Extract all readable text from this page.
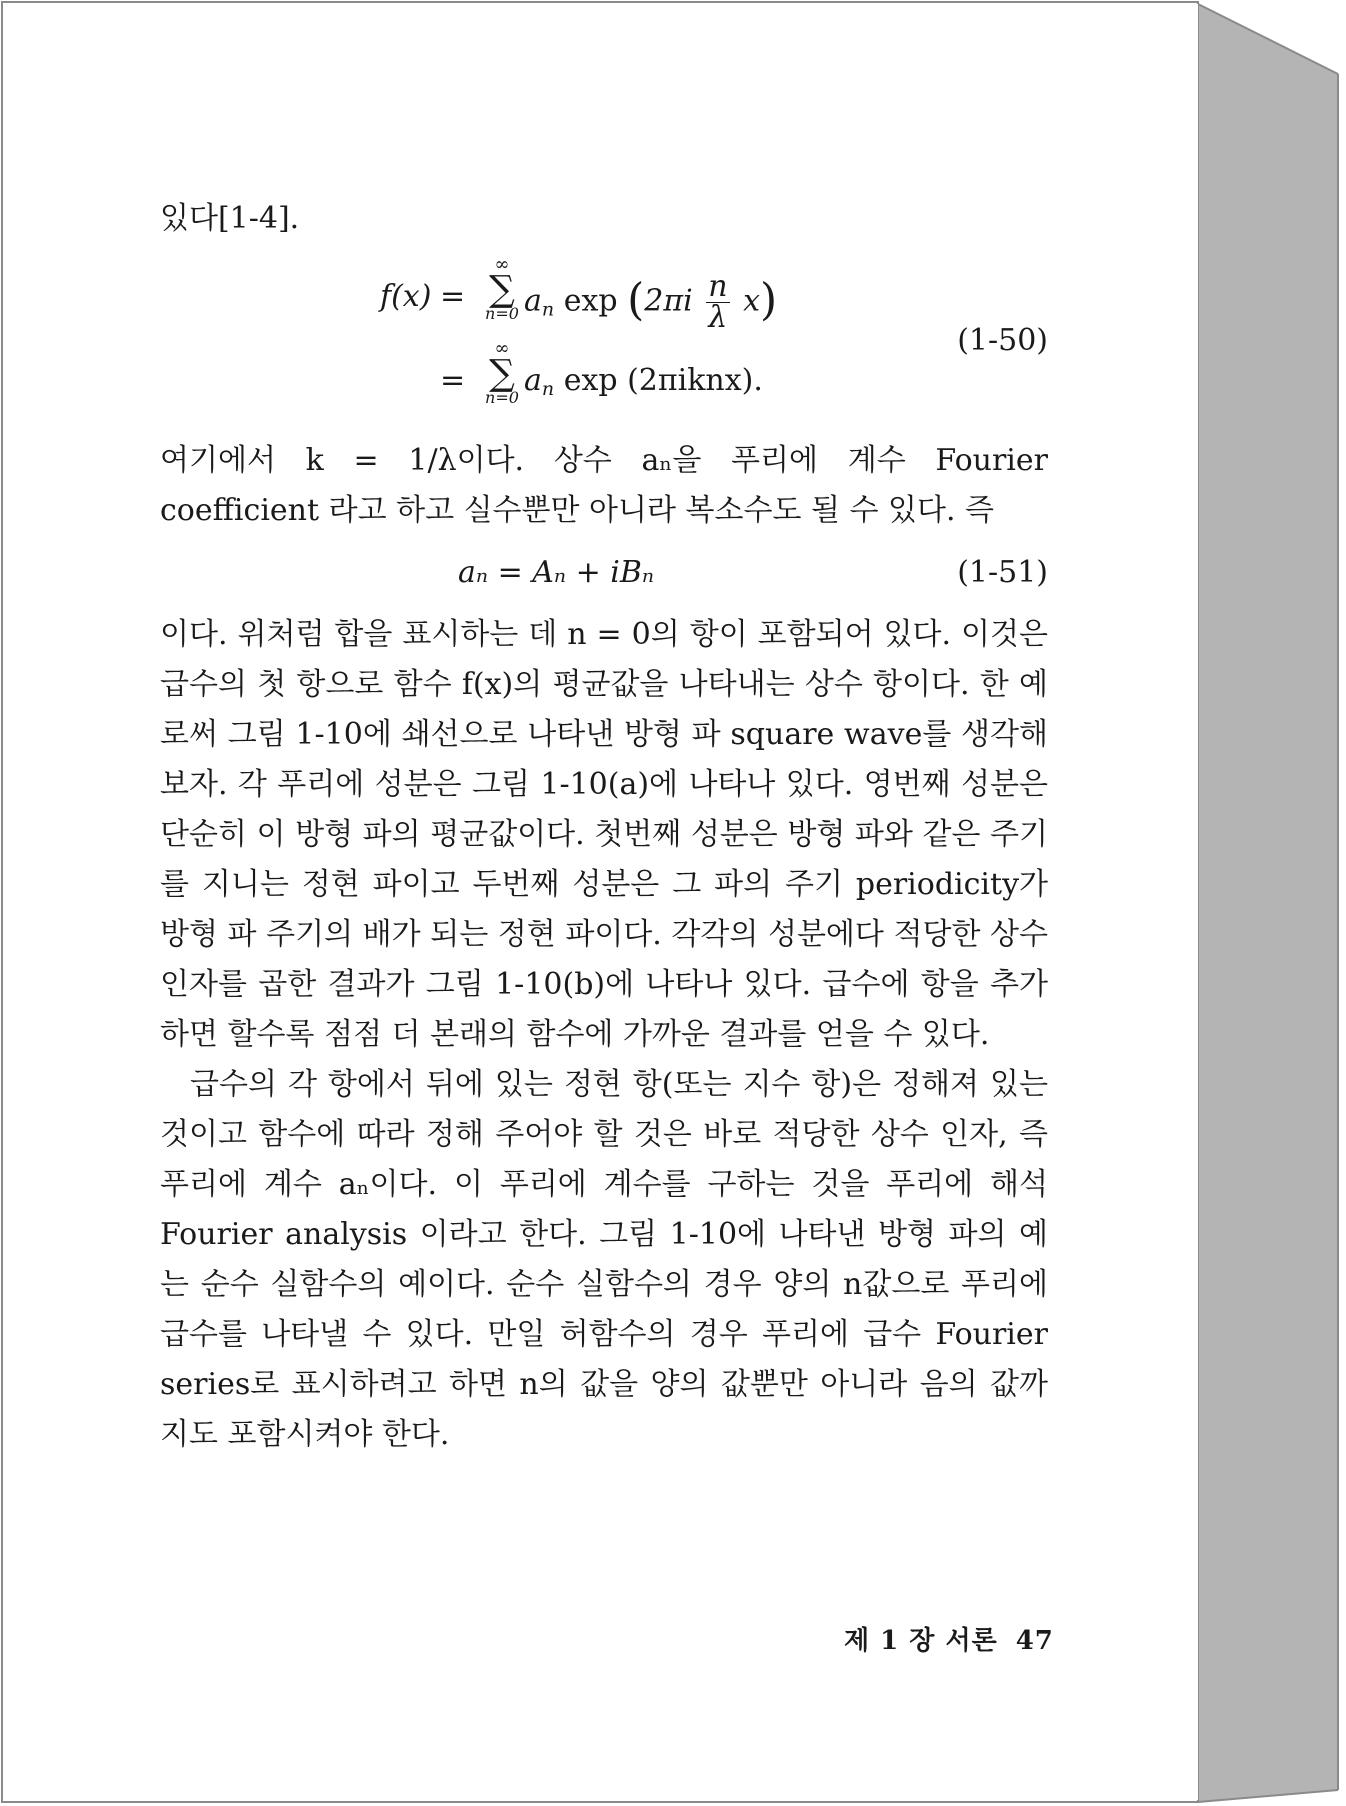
있다[1-4].

f(x) =
∞
∑
n=0 $a_n$ $\exp (2\pi i \frac{n}{\lambda} x)$
(1-50)
=
∞
∑
n=0 $a_n$ exp (2πiknx).

여기에서 k = 1/λ이다. 상수 aₙ을 푸리에 계수 Fourier coefficient 라고 하고 실수뿐만 아니라 복소수도 될 수 있다. 즉

aₙ = Aₙ + iBₙ	(1-51)

이다. 위처럼 합을 표시하는 데 n = 0의 항이 포함되어 있다. 이것은 급수의 첫 항으로 함수 f(x)의 평균값을 나타내는 상수 항이다. 한 예로써 그림 1-10에 쇄선으로 나타낸 방형 파 square wave를 생각해 보자. 각 푸리에 성분은 그림 1-10(a)에 나타나 있다. 영번째 성분은 단순히 이 방형 파의 평균값이다. 첫번째 성분은 방형 파와 같은 주기를 지니는 정현 파이고 두번째 성분은 그 파의 주기 periodicity가 방형 파 주기의 배가 되는 정현 파이다. 각각의 성분에다 적당한 상수 인자를 곱한 결과가 그림 1-10(b)에 나타나 있다. 급수에 항을 추가하면 할수록 점점 더 본래의 함수에 가까운 결과를 얻을 수 있다.

급수의 각 항에서 뒤에 있는 정현 항(또는 지수 항)은 정해져 있는 것이고 함수에 따라 정해 주어야 할 것은 바로 적당한 상수 인자, 즉 푸리에 계수 aₙ이다. 이 푸리에 계수를 구하는 것을 푸리에 해석 Fourier analysis 이라고 한다. 그림 1-10에 나타낸 방형 파의 예는 순수 실함수의 예이다. 순수 실함수의 경우 양의 n값으로 푸리에 급수를 나타낼 수 있다. 만일 허함수의 경우 푸리에 급수 Fourier series로 표시하려고 하면 n의 값을 양의 값뿐만 아니라 음의 값까지도 포함시켜야 한다.

제 1 장 서론 47
